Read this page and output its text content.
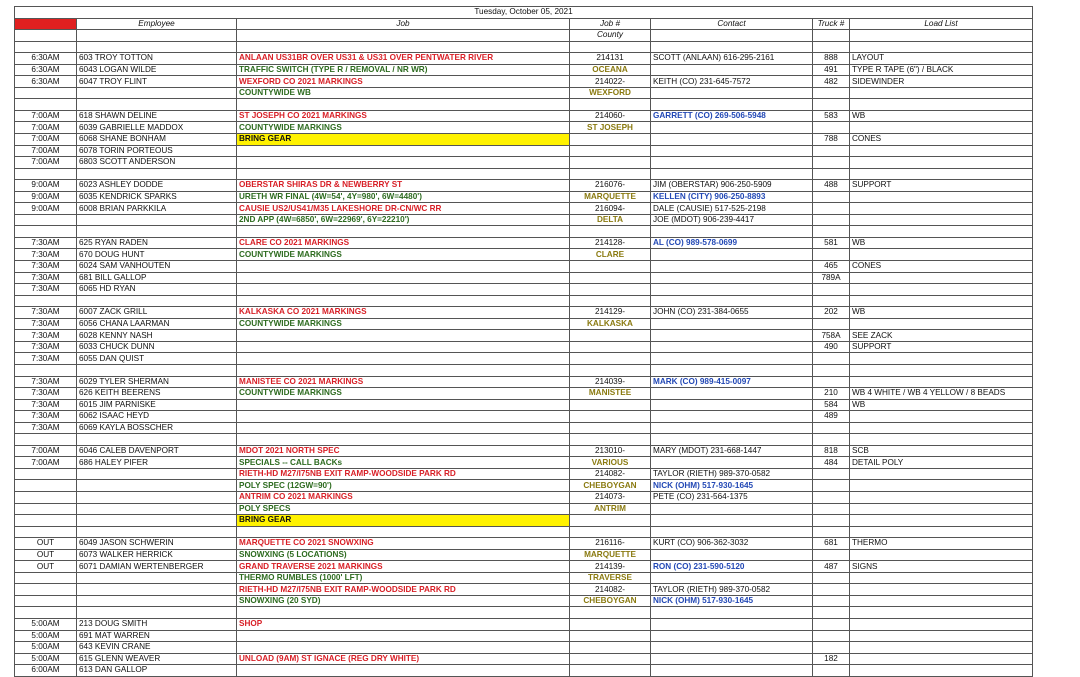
Tuesday, October 05, 2021						
Time	Employee	Job	Job #	Contact	Truck #	Load List
			County			

6:30AM	603 TROY TOTTON	ANLAAN US31BR OVER US31 & US31 OVER PENTWATER RIVER	214131	SCOTT (ANLAAN) 616-295-2161	888	LAYOUT
6:30AM	6043 LOGAN WILDE	TRAFFIC SWITCH (TYPE R / REMOVAL / NR WR)	OCEANA		491	TYPE R TAPE (6") / BLACK
6:30AM	6047 TROY FLINT	WEXFORD CO 2021 MARKINGS	214022-	KEITH (CO) 231-645-7572	482	SIDEWINDER
		COUNTYWIDE WB	WEXFORD			

7:00AM	618 SHAWN DELINE	ST JOSEPH CO 2021 MARKINGS	214060-	GARRETT (CO) 269-506-5948	583	WB
7:00AM	6039 GABRIELLE MADDOX	COUNTYWIDE MARKINGS	ST JOSEPH			
7:00AM	6068 SHANE BONHAM	BRING GEAR			788	CONES
7:00AM	6078 TORIN PORTEOUS					
7:00AM	6803 SCOTT ANDERSON					

9:00AM	6023 ASHLEY DODDE	OBERSTAR SHIRAS DR & NEWBERRY ST	216076-	JIM (OBERSTAR) 906-250-5909	488	SUPPORT
9:00AM	6035 KENDRICK SPARKS	URETH WR FINAL (4W=54', 4Y=980', 6W=4480')	MARQUETTE	KELLEN (CITY) 906-250-8893		
9:00AM	6008 BRIAN PARKKILA	CAUSIE US2/US41/M35 LAKESHORE DR-CN/WC RR	216094-	DALE (CAUSIE) 517-525-2198		
		2ND APP (4W=6850', 6W=22969', 6Y=22210')	DELTA	JOE (MDOT) 906-239-4417		

7:30AM	625 RYAN RADEN	CLARE CO 2021 MARKINGS	214128-	AL (CO) 989-578-0699	581	WB
7:30AM	670 DOUG HUNT	COUNTYWIDE MARKINGS	CLARE			
7:30AM	6024 SAM VANHOUTEN				465	CONES
7:30AM	681 BILL GALLOP				789A	
7:30AM	6065 HD RYAN					

7:30AM	6007 ZACK GRILL	KALKASKA CO 2021 MARKINGS	214129-	JOHN (CO) 231-384-0655	202	WB
7:30AM	6056 CHANA LAARMAN	COUNTYWIDE MARKINGS	KALKASKA			
7:30AM	6028 KENNY NASH				758A	SEE ZACK
7:30AM	6033 CHUCK DUNN				490	SUPPORT
7:30AM	6055 DAN QUIST					

7:30AM	6029 TYLER SHERMAN	MANISTEE CO 2021 MARKINGS	214039-	MARK (CO) 989-415-0097		
7:30AM	626 KEITH BEERENS	COUNTYWIDE MARKINGS	MANISTEE		210	WB 4 WHITE / WB 4 YELLOW / 8 BEADS
7:30AM	6015 JIM PARNISKE				584	WB
7:30AM	6062 ISAAC HEYD				489	
7:30AM	6069 KAYLA BOSSCHER					

7:00AM	6046 CALEB DAVENPORT	MDOT 2021 NORTH SPEC	213010-	MARY (MDOT) 231-668-1447	818	SCB
7:00AM	686 HALEY PIFER	SPECIALS -- CALL BACKs	VARIOUS		484	DETAIL POLY
		RIETH-HD M27/I75NB EXIT RAMP-WOODSIDE PARK RD	214082-	TAYLOR (RIETH) 989-370-0582		
		POLY SPEC (12GW=90')	CHEBOYGAN	NICK (OHM) 517-930-1645		
		ANTRIM CO 2021 MARKINGS	214073-	PETE (CO) 231-564-1375		
		POLY SPECS	ANTRIM			
		BRING GEAR				

OUT	6049 JASON SCHWERIN	MARQUETTE CO 2021 SNOWXING	216116-	KURT (CO) 906-362-3032	681	THERMO
OUT	6073 WALKER HERRICK	SNOWXING (5 LOCATIONS)	MARQUETTE			
OUT	6071 DAMIAN WERTENBERGER	GRAND TRAVERSE 2021 MARKINGS	214139-	RON (CO) 231-590-5120	487	SIGNS
		THERMO RUMBLES (1000' LFT)	TRAVERSE			
		RIETH-HD M27/I75NB EXIT RAMP-WOODSIDE PARK RD	214082-	TAYLOR (RIETH) 989-370-0582		
		SNOWXING (20 SYD)	CHEBOYGAN	NICK (OHM) 517-930-1645		

5:00AM	213 DOUG SMITH	SHOP				
5:00AM	691 MAT WARREN					
5:00AM	643 KEVIN CRANE					
5:00AM	615 GLENN WEAVER	UNLOAD (9AM) ST IGNACE (REG DRY WHITE)			182	
6:00AM	613 DAN GALLOP					
